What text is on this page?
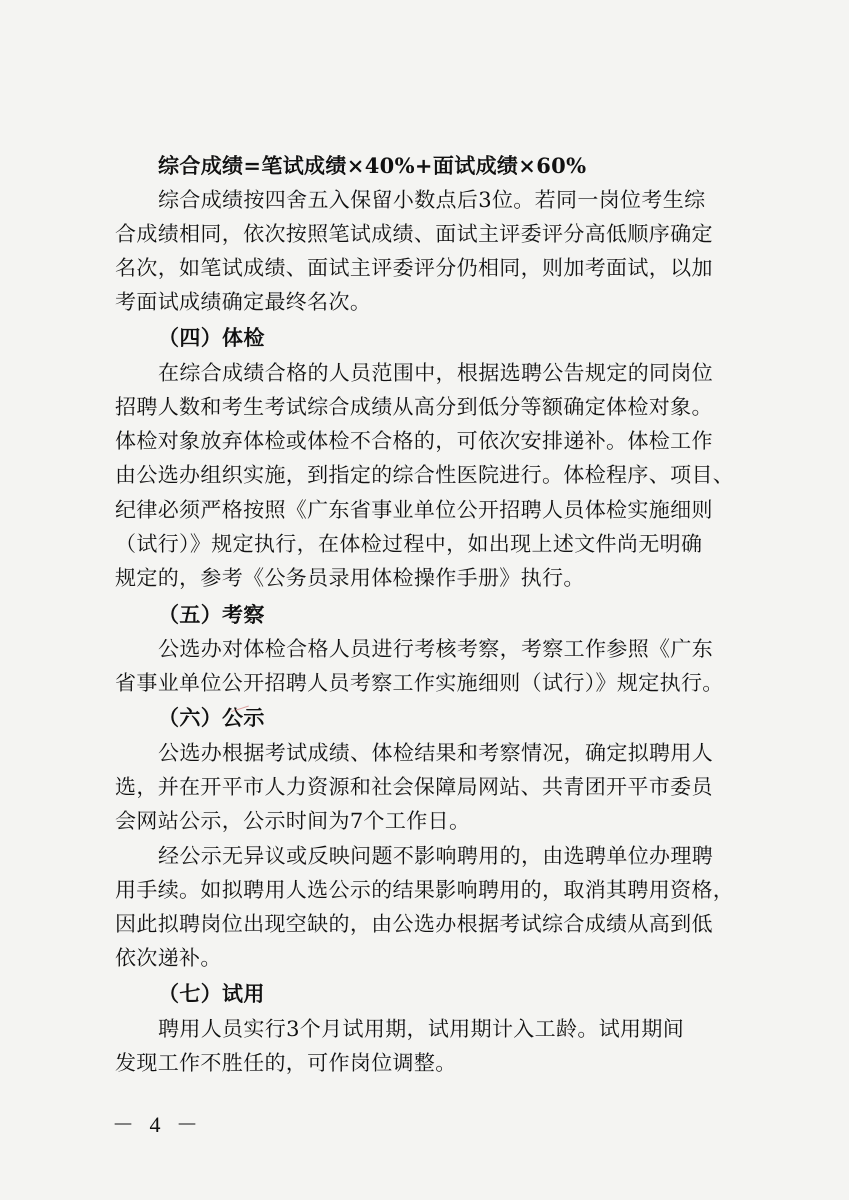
综合成绩=笔试成绩×40%+面试成绩×60%
综合成绩按四舍五入保留小数点后3位。若同一岗位考生综
合成绩相同，依次按照笔试成绩、面试主评委评分高低顺序确定
名次，如笔试成绩、面试主评委评分仍相同，则加考面试，以加
考面试成绩确定最终名次。
（四）体检
在综合成绩合格的人员范围中，根据选聘公告规定的同岗位
招聘人数和考生考试综合成绩从高分到低分等额确定体检对象。
体检对象放弃体检或体检不合格的，可依次安排递补。体检工作
由公选办组织实施，到指定的综合性医院进行。体检程序、项目、
纪律必须严格按照《广东省事业单位公开招聘人员体检实施细则
（试行）》规定执行，在体检过程中，如出现上述文件尚无明确
规定的，参考《公务员录用体检操作手册》执行。
（五）考察
公选办对体检合格人员进行考核考察，考察工作参照《广东
省事业单位公开招聘人员考察工作实施细则（试行）》规定执行。
（六）公示
公选办根据考试成绩、体检结果和考察情况，确定拟聘用人
选，并在开平市人力资源和社会保障局网站、共青团开平市委员
会网站公示，公示时间为7个工作日。
经公示无异议或反映问题不影响聘用的，由选聘单位办理聘
用手续。如拟聘用人选公示的结果影响聘用的，取消其聘用资格，
因此拟聘岗位出现空缺的，由公选办根据考试综合成绩从高到低
依次递补。
（七）试用
聘用人员实行3个月试用期，试用期计入工龄。试用期间
发现工作不胜任的，可作岗位调整。
－ 4 －
